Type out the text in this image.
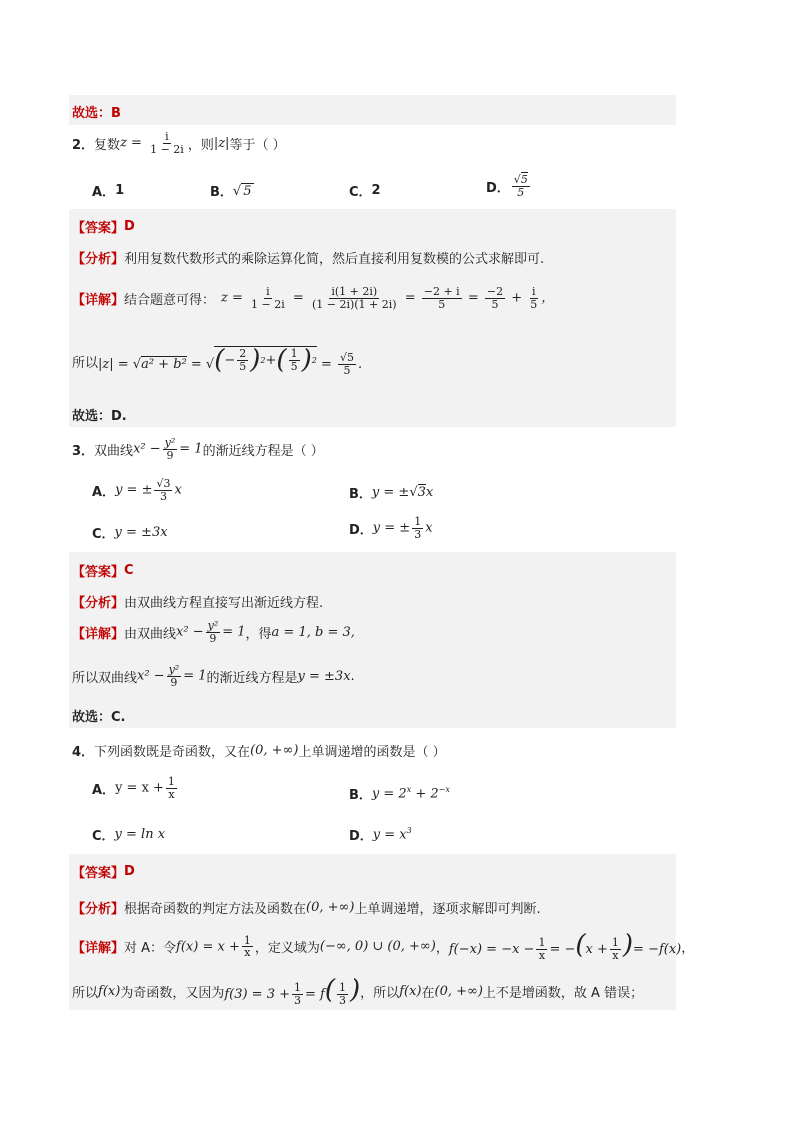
故选：B
2． 复数 $z = \frac{i}{1 - 2i}$ ，则 |z| 等于（ ）
A． 1	B． √ 5	C． 2	D． $\frac{√5}{5}$
【答案】 D
【分析】 利用复数代数形式的乘除运算化简，然后直接利用复数模的公式求解即可.
【详解】 结合题意可得： $z = \frac{i}{1 - 2i} = \frac{i(1 + 2i)}{(1 - 2i)(1 + 2i)} = \frac{-2 + i}{5} = \frac{-2}{5} + \frac{i}{5}$ ，
所以 |z| = √a² + b² = √ ( − $\frac{2}{5}$ ) 2 + ( $\frac{1}{5}$ ) $2 = \frac{√5}{5}$ .
故选：D.
3． 双曲线 $x^2 - \frac{\text{y²}}{9} = 1$ 的渐近线方程是（ ）
A． y = ± $\frac{√3}{3}$ x	B． y = ±√3x
C． y = ±3x	D． y = ± $\frac{1}{3}$ x
【答案】 C
【分析】 由双曲线方程直接写出渐近线方程.
【详解】 由双曲线 $x^2 - \frac{\text{y²}}{9} = 1$ ，得 a = 1, b = 3,
所以双曲线 $x^2 - \frac{\text{y²}}{9} = 1$ 的渐近线方程是 y = ±3x .
故选：C.
4． 下列函数既是奇函数，又在 (0, +∞) 上单调递增的函数是（ ）
A． $y = x + \frac{1}{x}$	B． $y = 2^x + 2^{-x}$
C． y = ln x	D． $y = x^3$
【答案】 D
【分析】 根据奇函数的判定方法及函数在 (0, +∞) 上单调递增，逐项求解即可判断.
【详解】 对 A：令 $f(x) = x + \frac{1}{x}$ ，定义域为 (−∞, 0) ∪ (0, +∞) ， $f(-x) = -x - \frac{1}{x} = -(x + \frac{1}{x}$ )= −f(x) ，
所以 f(x) 为奇函数，又因为 $f(3) = 3 + \frac{1}{3} = f( \frac{1}{3}$ ) ，所以 f(x) 在 (0, +∞) 上不是增函数，故 A 错误；
